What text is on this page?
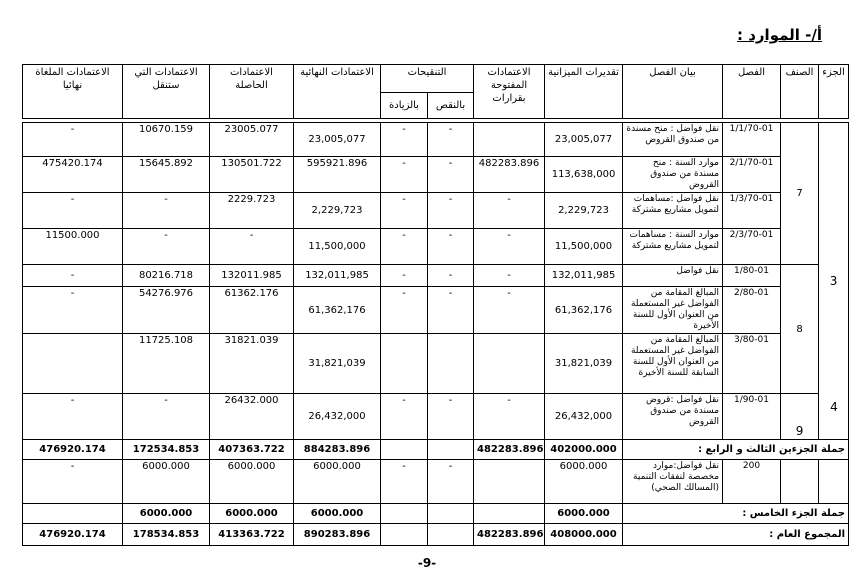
أ/- الموارد :
الجزء	الصنف	الفصل	بيان الفصل	تقديرات الميزانية	الاعتمادات المفتوحة بقرارات	التنقيحات		الاعتمادات النهائية	الاعتمادات الحاصلة	الاعتمادات التي ستنقل	الاعتمادات الملغاة نهائيا
						بالنقص	بالزيادة				

3	7	1/1/70-01	نقل فواضل : منح مسندة من صندوق القروض	23,005,077		-	-	23,005,077	23005.077	10670.159	-
		2/1/70-01	موارد السنة : منح مسندة من صندوق القروض	113,638,000	482283.896	-	-	595921.896	130501.722	15645.892	475420.174
		1/3/70-01	نقل فواضل :مساهمات لتمويل مشاريع مشتركة	2,229,723	-	-	-	2,229,723	2229.723	-	-
		2/3/70-01	موارد السنة : مساهمات لتمويل مشاريع مشتركة	11,500,000	-	-	-	11,500,000	-	-	11500.000
	8	1/80-01	نقل فواضل	132,011,985	-	-	-	132,011,985	132011.985	80216.718	-
		2/80-01	المبالغ المقامة من الفواضل غير المستعملة من العنوان الأول للسنة الأخيرة	61,362,176	-	-	-	61,362,176	61362.176	54276.976	-
		3/80-01	المبالغ المقامة من الفواضل غير المستعملة من العنوان الأول للسنة السابقة للسنة الأخيرة	31,821,039				31,821,039	31821.039	11725.108	
	9	1/90-01	نقل فواضل :قروض مسندة من صندوق القروض	26,432,000	-	-	-	26,432,000	26432.000	-	-
جملة الجزءين الثالث و الرابع :				402000.000	482283.896			884283.896	407363.722	172534.853	476920.174
		200	نقل فواضل:موارد مخصصة لنفقات التنمية (المسالك الصحي)	6000.000		-	-	6000.000	6000.000	6000.000	-
جملة الجزء الخامس :				6000.000				6000.000	6000.000	6000.000	
المجموع العام :				408000.000	482283.896			890283.896	413363.722	178534.853	476920.174
4
-9-
